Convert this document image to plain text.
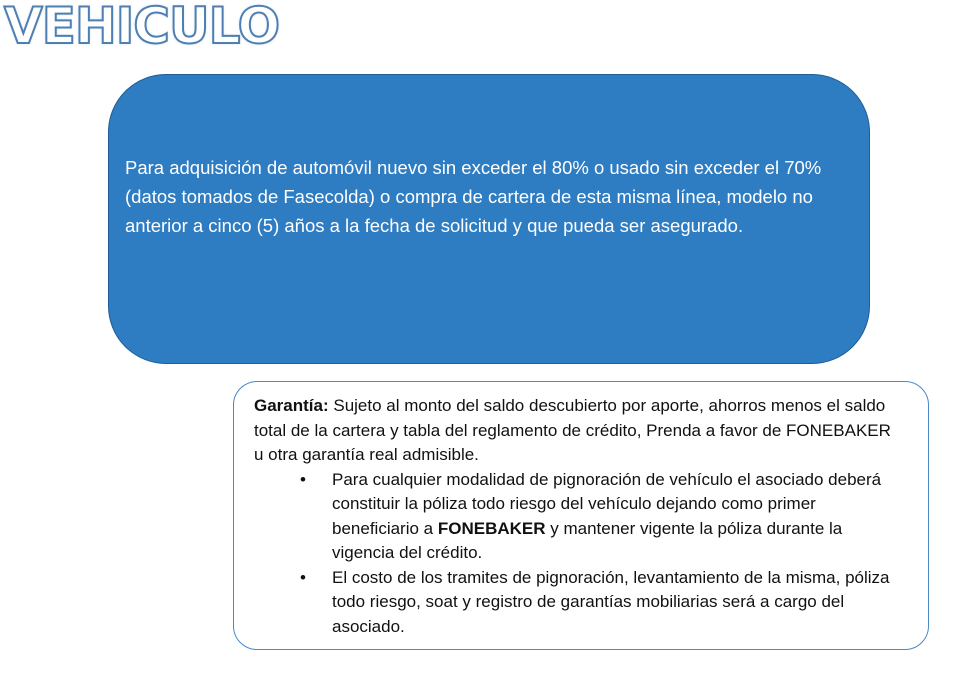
VEHICULO
Para adquisición de automóvil nuevo sin exceder el 80% o usado sin exceder el 70% (datos tomados de Fasecolda) o compra de cartera de esta misma línea, modelo no anterior a cinco (5) años a la fecha de solicitud y que pueda ser asegurado.

Garantía: Sujeto al monto del saldo descubierto por aporte, ahorros menos el saldo total de la cartera y tabla del reglamento de crédito, Prenda a favor de FONEBAKER u otra garantía real admisible.

• Para cualquier modalidad de pignoración de vehículo el asociado deberá constituir la póliza todo riesgo del vehículo dejando como primer beneficiario a FONEBAKER y mantener vigente la póliza durante la vigencia del crédito.
• El costo de los tramites de pignoración, levantamiento de la misma, póliza todo riesgo, soat y registro de garantías mobiliarias será a cargo del asociado.
